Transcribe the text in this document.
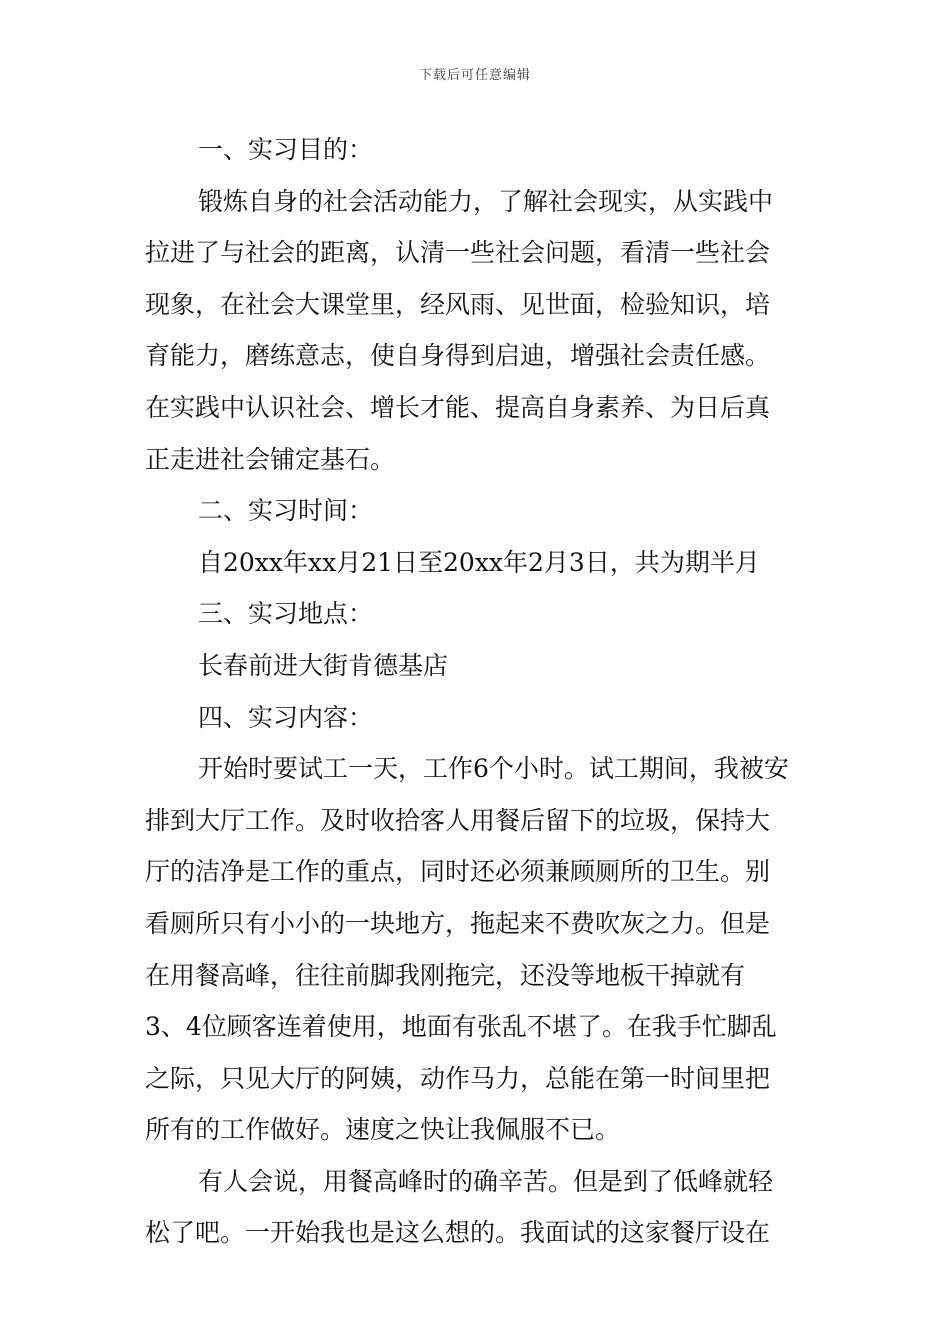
下载后可任意编辑
一、实习目的：
锻炼自身的社会活动能力，了解社会现实，从实践中
拉进了与社会的距离，认清一些社会问题，看清一些社会
现象，在社会大课堂里，经风雨、见世面，检验知识，培
育能力，磨练意志，使自身得到启迪，增强社会责任感。
在实践中认识社会、增长才能、提高自身素养、为日后真
正走进社会铺定基石。
二、实习时间：
自20xx年xx月21日至20xx年2月3日，共为期半月
三、实习地点：
长春前进大街肯德基店
四、实习内容：
开始时要试工一天，工作6个小时。试工期间，我被安
排到大厅工作。及时收拾客人用餐后留下的垃圾，保持大
厅的洁净是工作的重点，同时还必须兼顾厕所的卫生。别
看厕所只有小小的一块地方，拖起来不费吹灰之力。但是
在用餐高峰，往往前脚我刚拖完，还没等地板干掉就有
3、4位顾客连着使用，地面有张乱不堪了。在我手忙脚乱
之际，只见大厅的阿姨，动作马力，总能在第一时间里把
所有的工作做好。速度之快让我佩服不已。
有人会说，用餐高峰时的确辛苦。但是到了低峰就轻
松了吧。一开始我也是这么想的。我面试的这家餐厅设在
